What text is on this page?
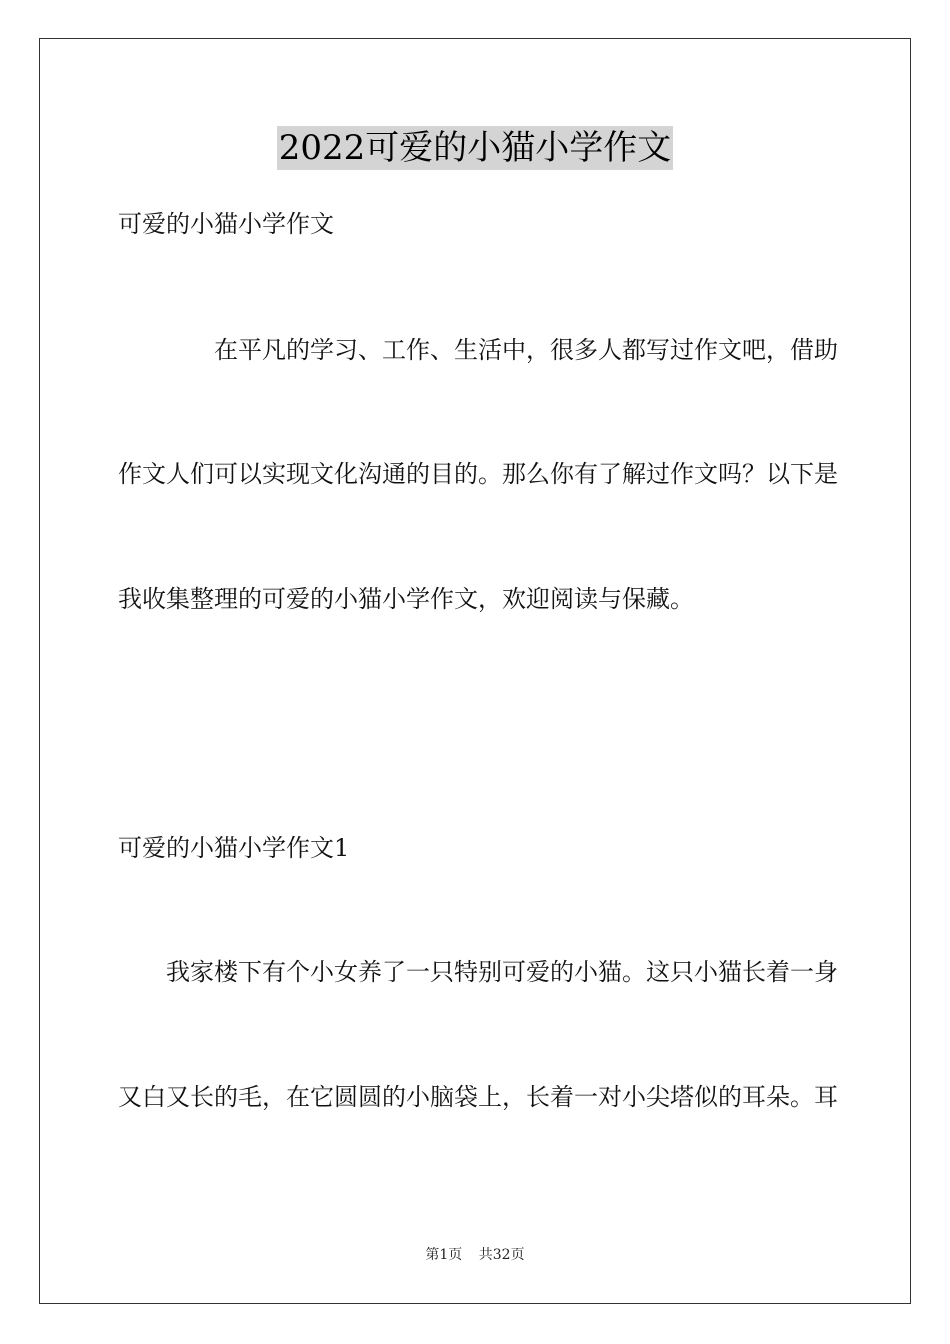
2022可爱的小猫小学作文
可爱的小猫小学作文
在平凡的学习、工作、生活中，很多人都写过作文吧，借助
作文人们可以实现文化沟通的目的。那么你有了解过作文吗？以下是
我收集整理的可爱的小猫小学作文，欢迎阅读与保藏。
可爱的小猫小学作文1
我家楼下有个小女养了一只特别可爱的小猫。这只小猫长着一身
又白又长的毛，在它圆圆的小脑袋上，长着一对小尖塔似的耳朵。耳
第1页 共32页
